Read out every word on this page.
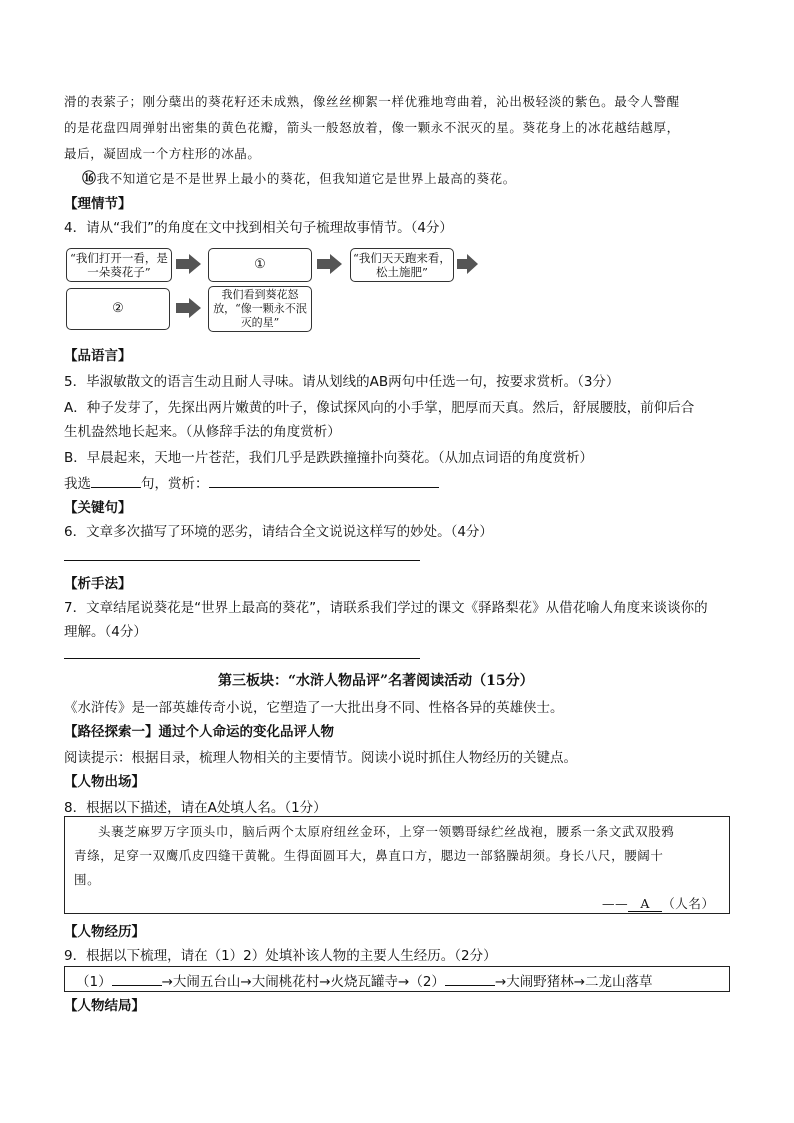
滑的表萦子；刚分蘖出的葵花籽还未成熟，像丝丝柳絮一样优雅地弯曲着，沁出极轻淡的紫色。最令人警醒
的是花盘四周弹射出密集的黄色花瓣，箭头一般怒放着，像一颗永不泯灭的星。葵花身上的冰花越结越厚，
最后，凝固成一个方柱形的冰晶。
⑯我不知道它是不是世界上最小的葵花，但我知道它是世界上最高的葵花。
【理情节】
4．请从“我们”的角度在文中找到相关句子梳理故事情节。（4分）
“我们打开一看，是一朵葵花子”
①	“我们天天跑来看，松土施肥”
②
我们看到葵花怒放，“像一颗永不泯灭的星”
【品语言】
5．毕淑敏散文的语言生动且耐人寻味。请从划线的AB两句中任选一句，按要求赏析。（3分）
A．种子发芽了，先探出两片嫩黄的叶子，像试探风向的小手掌，肥厚而天真。然后，舒展腰肢，前仰后合
生机盎然地长起来。（从修辞手法的角度赏析）
B．早晨起来，天地一片苍茫，我们几乎是跌跌撞撞扑向葵花。（从加点词语的角度赏析）
我选	句，赏析：
【关键句】
6．文章多次描写了环境的恶劣，请结合全文说说这样写的妙处。（4分）
【析手法】
7．文章结尾说葵花是“世界上最高的葵花”，请联系我们学过的课文《驿路梨花》从借花喻人角度来谈谈你的
理解。（4分）
第三板块：“水浒人物品评”名著阅读活动（15分）
《水浒传》是一部英雄传奇小说，它塑造了一大批出身不同、性格各异的英雄侠士。
【路径探索一】通过个人命运的变化品评人物
阅读提示：根据目录，梳理人物相关的主要情节。阅读小说时抓住人物经历的关键点。
【人物出场】
8．根据以下描述，请在A处填人名。（1分）
头裹芝麻罗万字顶头巾，脑后两个太原府纽丝金环，上穿一领鹦哥绿纻丝战袍，腰系一条文武双股鸦
青绦，足穿一双鹰爪皮四缝干黄靴。生得面圆耳大，鼻直口方，腮边一部貉臊胡须。身长八尺，腰阔十
围。
—— A （人名）
【人物经历】
9．根据以下梳理，请在（1）2）处填补该人物的主要人生经历。（2分）
（1）	→大闹五台山→大闹桃花村→火烧瓦罐寺→（2）	→大闹野猪林→二龙山落草
【人物结局】
